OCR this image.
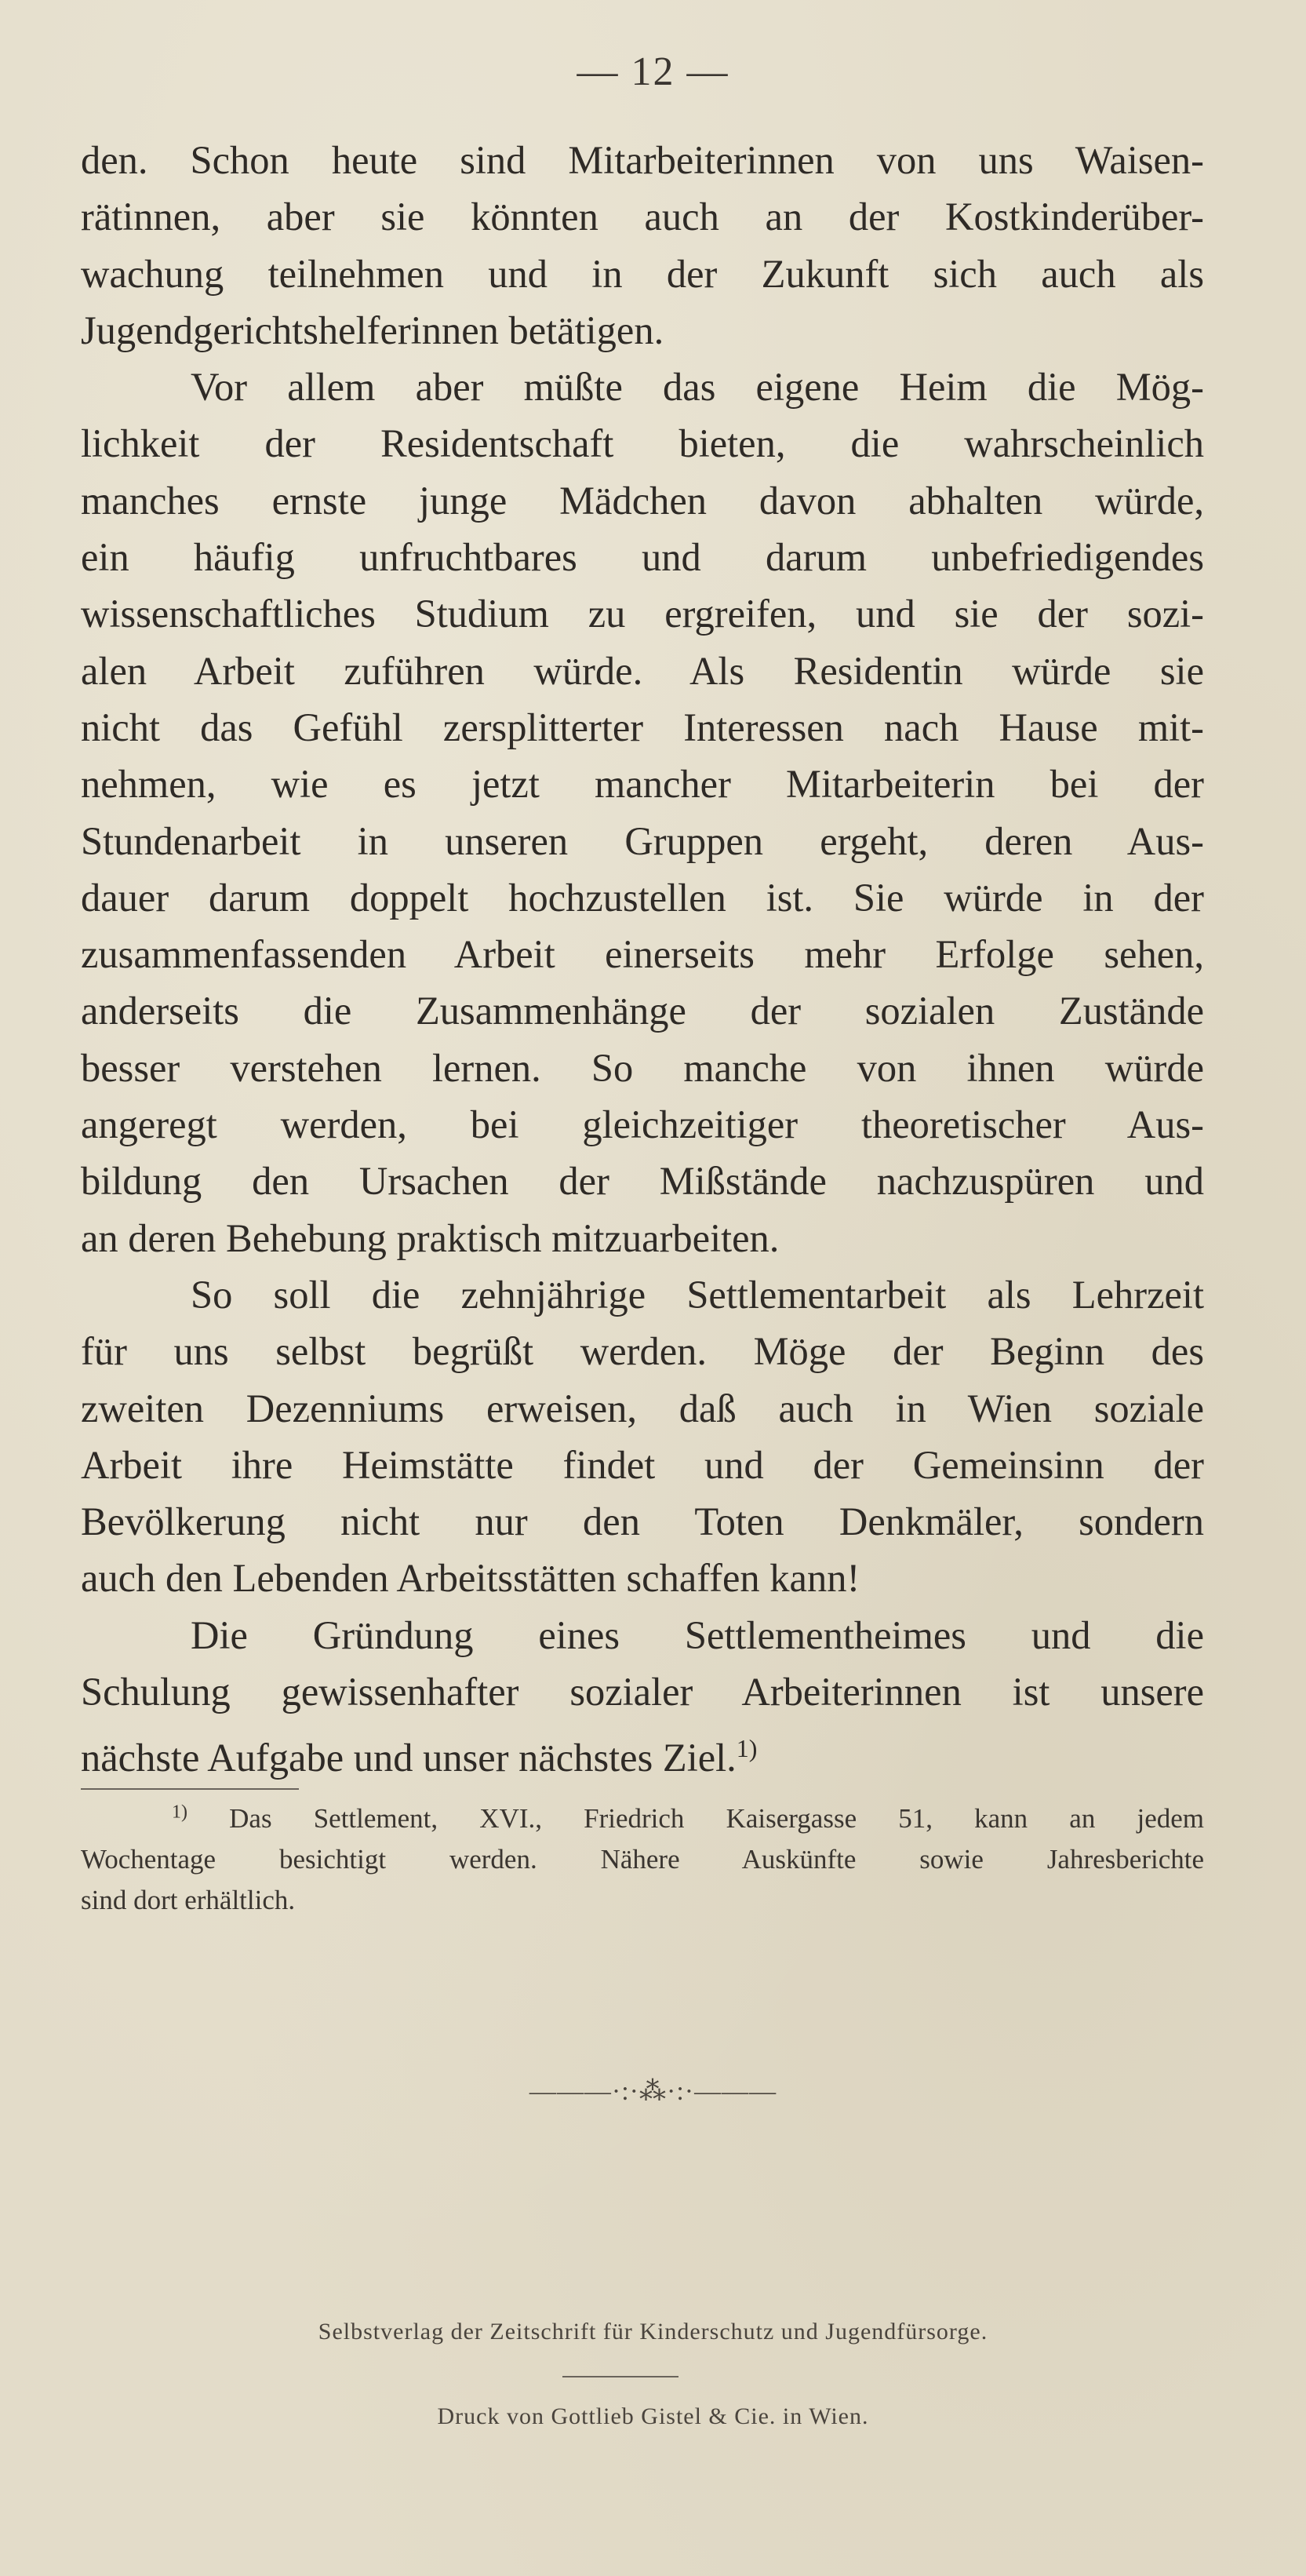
— 12 —
den. Schon heute sind Mitarbeiterinnen von uns Waisen-
rätinnen, aber sie könnten auch an der Kostkinderüber-
wachung teilnehmen und in der Zukunft sich auch als
Jugendgerichtshelferinnen betätigen.
Vor allem aber müßte das eigene Heim die Mög-
lichkeit der Residentschaft bieten, die wahrscheinlich
manches ernste junge Mädchen davon abhalten würde,
ein häufig unfruchtbares und darum unbefriedigendes
wissenschaftliches Studium zu ergreifen, und sie der sozi-
alen Arbeit zuführen würde. Als Residentin würde sie
nicht das Gefühl zersplitterter Interessen nach Hause mit-
nehmen, wie es jetzt mancher Mitarbeiterin bei der
Stundenarbeit in unseren Gruppen ergeht, deren Aus-
dauer darum doppelt hochzustellen ist. Sie würde in der
zusammenfassenden Arbeit einerseits mehr Erfolge sehen,
anderseits die Zusammenhänge der sozialen Zustände
besser verstehen lernen. So manche von ihnen würde
angeregt werden, bei gleichzeitiger theoretischer Aus-
bildung den Ursachen der Mißstände nachzuspüren und
an deren Behebung praktisch mitzuarbeiten.
So soll die zehnjährige Settlementarbeit als Lehrzeit
für uns selbst begrüßt werden. Möge der Beginn des
zweiten Dezenniums erweisen, daß auch in Wien soziale
Arbeit ihre Heimstätte findet und der Gemeinsinn der
Bevölkerung nicht nur den Toten Denkmäler, sondern
auch den Lebenden Arbeitsstätten schaffen kann!
Die Gründung eines Settlementheimes und die
Schulung gewissenhafter sozialer Arbeiterinnen ist unsere
nächste Aufgabe und unser nächstes Ziel.$^{1)}$
$^{1)}$ Das Settlement, XVI., Friedrich Kaisergasse 51, kann an jedem
Wochentage besichtigt werden. Nähere Auskünfte sowie Jahresberichte
sind dort erhältlich.
———·:·⁂·:·———
Selbstverlag der Zeitschrift für Kinderschutz und Jugendfürsorge.
Druck von Gottlieb Gistel & Cie. in Wien.
